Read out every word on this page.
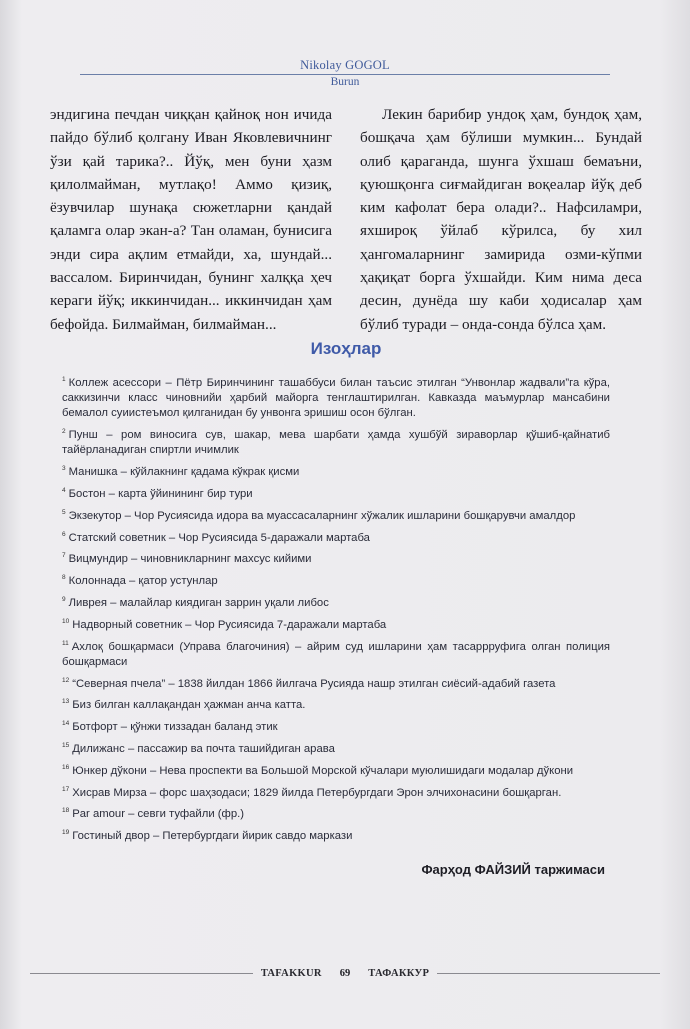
Nikolay GOGOL
Burun

эндигина печдан чиққан қайноқ нон ичида пайдо бўлиб қолгану Иван Яковлевичнинг ўзи қай тарика?.. Йўқ, мен буни ҳазм қилолмайман, мутлақо! Аммо қизиқ, ёзувчилар шунақа сюжетларни қандай қаламга олар экан-а? Тан оламан, бунисига энди сира ақлим етмайди, ха, шундай... вассалом. Биринчидан, бунинг халққа ҳеч кераги йўқ; иккинчидан... иккинчидан ҳам бефойда. Билмайман, билмайман...

Лекин барибир ундоқ ҳам, бундоқ ҳам, бошқача ҳам бўлиши мумкин... Бундай олиб қараганда, шунга ўхшаш бемаъни, қуюшқонга сиғмайдиган воқеалар йўқ деб ким кафолат бера олади?.. Нафсиламри, яхшироқ ўйлаб кўрилса, бу хил ҳангомаларнинг замирида озми-кўпми ҳақиқат борга ўхшайди. Ким нима деса десин, дунёда шу каби ҳодисалар ҳам бўлиб туради – онда-сонда бўлса ҳам.

Изоҳлар

$^1$ Коллеж асессори – Пётр Биринчининг ташаббуси билан таъсис этилган “Унвонлар жадвали”га кўра, саккизинчи класс чиновнийи ҳарбий майорга тенглаштирилган. Кавказда маъмурлар мансабини бемалол суиистеъмол қилганидан бу унвонга эришиш осон бўлган.

$^2$ Пунш – ром виносига сув, шакар, мева шарбати ҳамда хушбўй зираворлар қўшиб-қайнатиб тайёрланадиган спиртли ичимлик

$^3$ Манишка – кўйлакнинг қадама кўкрак қисми

$^4$ Бостон – карта ўйинининг бир тури

$^5$ Экзекутор – Чор Русиясида идора ва муассасаларнинг хўжалик ишларини бошқарувчи амалдор

$^6$ Статский советник – Чор Русиясида 5-даражали мартаба

$^7$ Вицмундир – чиновникларнинг махсус кийими

$^8$ Колоннада – қатор устунлар

$^9$ Ливрея – малайлар киядиган заррин уқали либос

$^{10}$ Надворный советник – Чор Русиясида 7-даражали мартаба

$^{11}$ Ахлоқ бошқармаси (Управа благочиния) – айрим суд ишларини ҳам тасаррруфига олган полиция бошқармаси

$^{12}$ “Северная пчела” – 1838 йилдан 1866 йилгача Русияда нашр этилган сиёсий-адабий газета

$^{13}$ Биз билган каллақандан ҳажман анча катта.

$^{14}$ Ботфорт – қўнжи тиззадан баланд этик

$^{15}$ Дилижанс – пассажир ва почта ташийдиган арава

$^{16}$ Юнкер дўкони – Нева проспекти ва Большой Морской кўчалари муюлишидаги модалар дўкони

$^{17}$ Хисрав Мирза – форс шаҳзодаси; 1829 йилда Петербургдаги Эрон элчихонасини бошқарган.

$^{18}$ Par amour – севги туфайли (фр.)

$^{19}$ Гостиный двор – Петербургдаги йирик савдо маркази

Фарҳод ФАЙЗИЙ таржимаси
TAFAKKUR	69	ТАФАККУР
